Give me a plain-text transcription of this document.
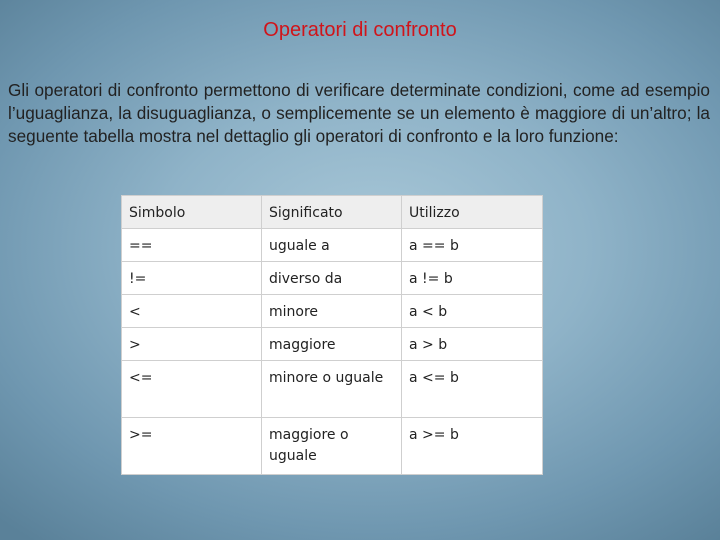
Operatori di confronto

Gli operatori di confronto permettono di verificare determinate condizioni, come ad esempio l’uguaglianza, la disuguaglianza, o semplicemente se un elemento è maggiore di un’altro; la seguente tabella mostra nel dettaglio gli operatori di confronto e la loro funzione:

Simbolo	Significato	Utilizzo
==	uguale a	a == b
!=	diverso da	a != b
<	minore	a < b
>	maggiore	a > b
<=	minore o uguale	a <= b
>=	maggiore o uguale	a >= b
